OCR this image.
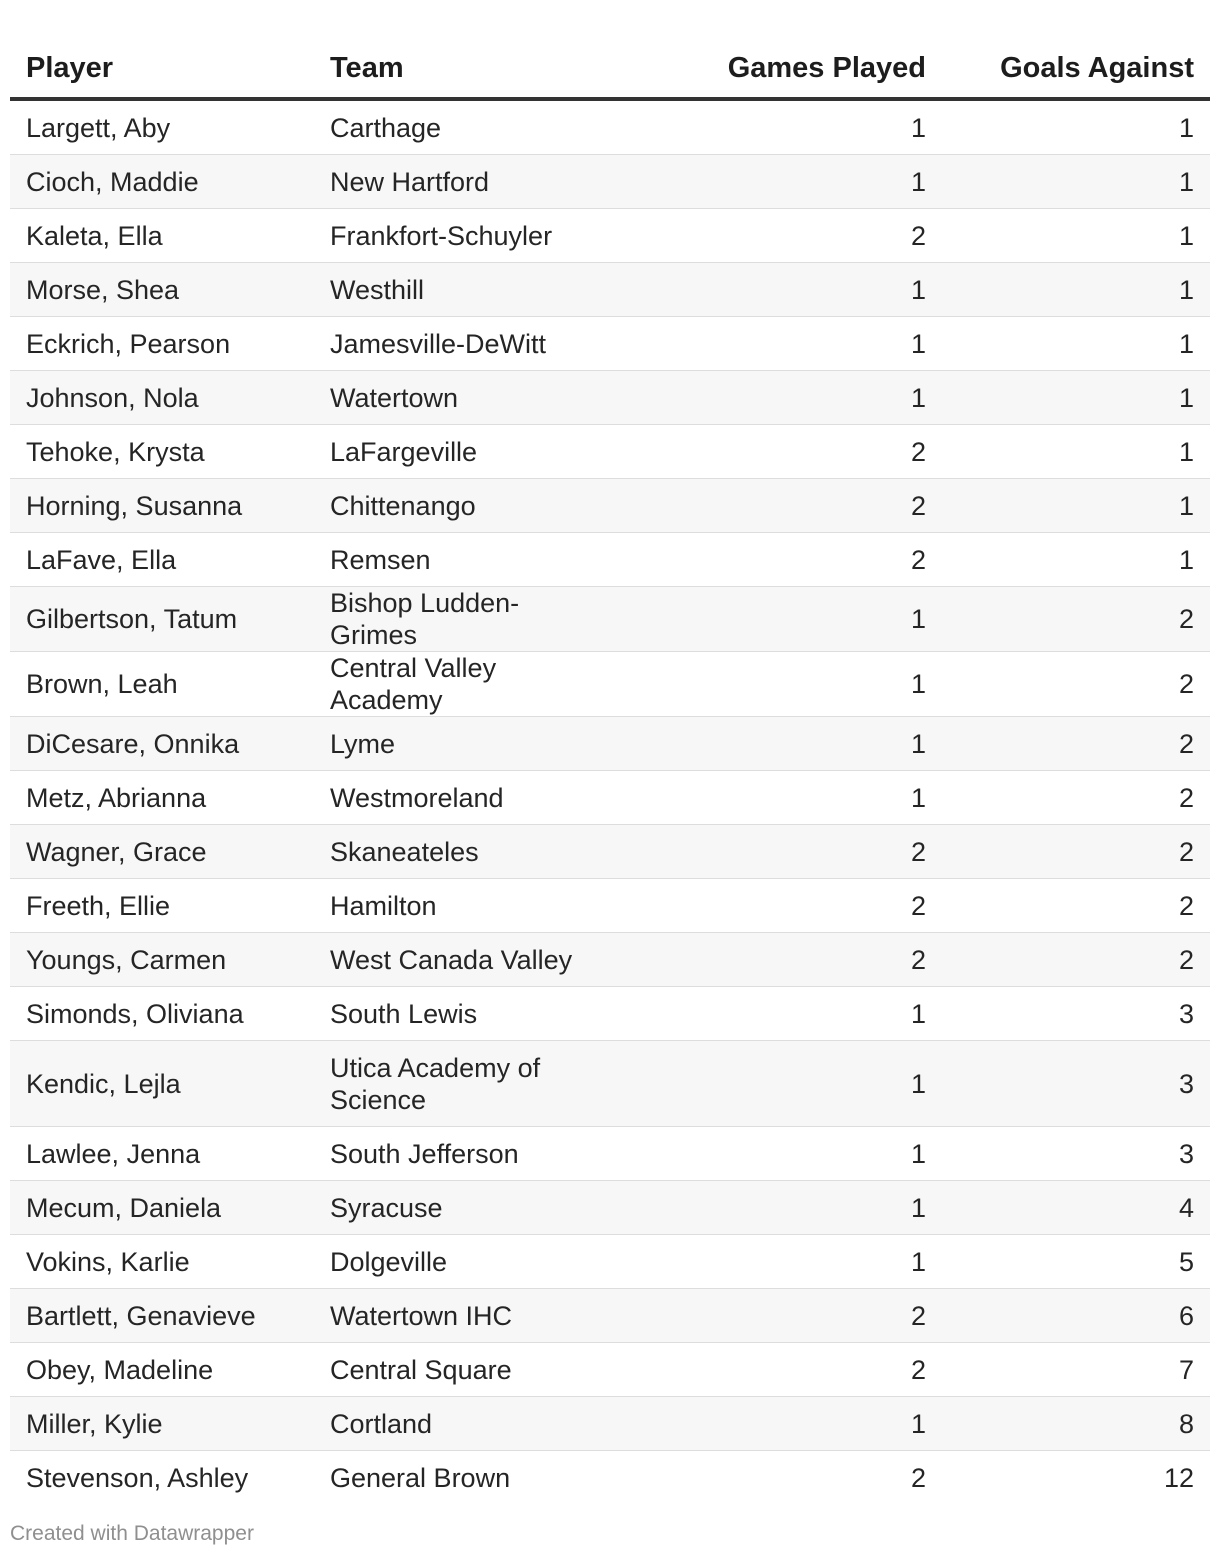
Player	Team	Games Played	Goals Against
Largett, Aby	Carthage	1	1
Cioch, Maddie	New Hartford	1	1
Kaleta, Ella	Frankfort-Schuyler	2	1
Morse, Shea	Westhill	1	1
Eckrich, Pearson	Jamesville-DeWitt	1	1
Johnson, Nola	Watertown	1	1
Tehoke, Krysta	LaFargeville	2	1
Horning, Susanna	Chittenango	2	1
LaFave, Ella	Remsen	2	1
Gilbertson, Tatum	Bishop Ludden-Grimes	1	2
Brown, Leah	Central Valley Academy	1	2
DiCesare, Onnika	Lyme	1	2
Metz, Abrianna	Westmoreland	1	2
Wagner, Grace	Skaneateles	2	2
Freeth, Ellie	Hamilton	2	2
Youngs, Carmen	West Canada Valley	2	2
Simonds, Oliviana	South Lewis	1	3
Kendic, Lejla	Utica Academy of Science	1	3
Lawlee, Jenna	South Jefferson	1	3
Mecum, Daniela	Syracuse	1	4
Vokins, Karlie	Dolgeville	1	5
Bartlett, Genavieve	Watertown IHC	2	6
Obey, Madeline	Central Square	2	7
Miller, Kylie	Cortland	1	8
Stevenson, Ashley	General Brown	2	12
Created with Datawrapper
